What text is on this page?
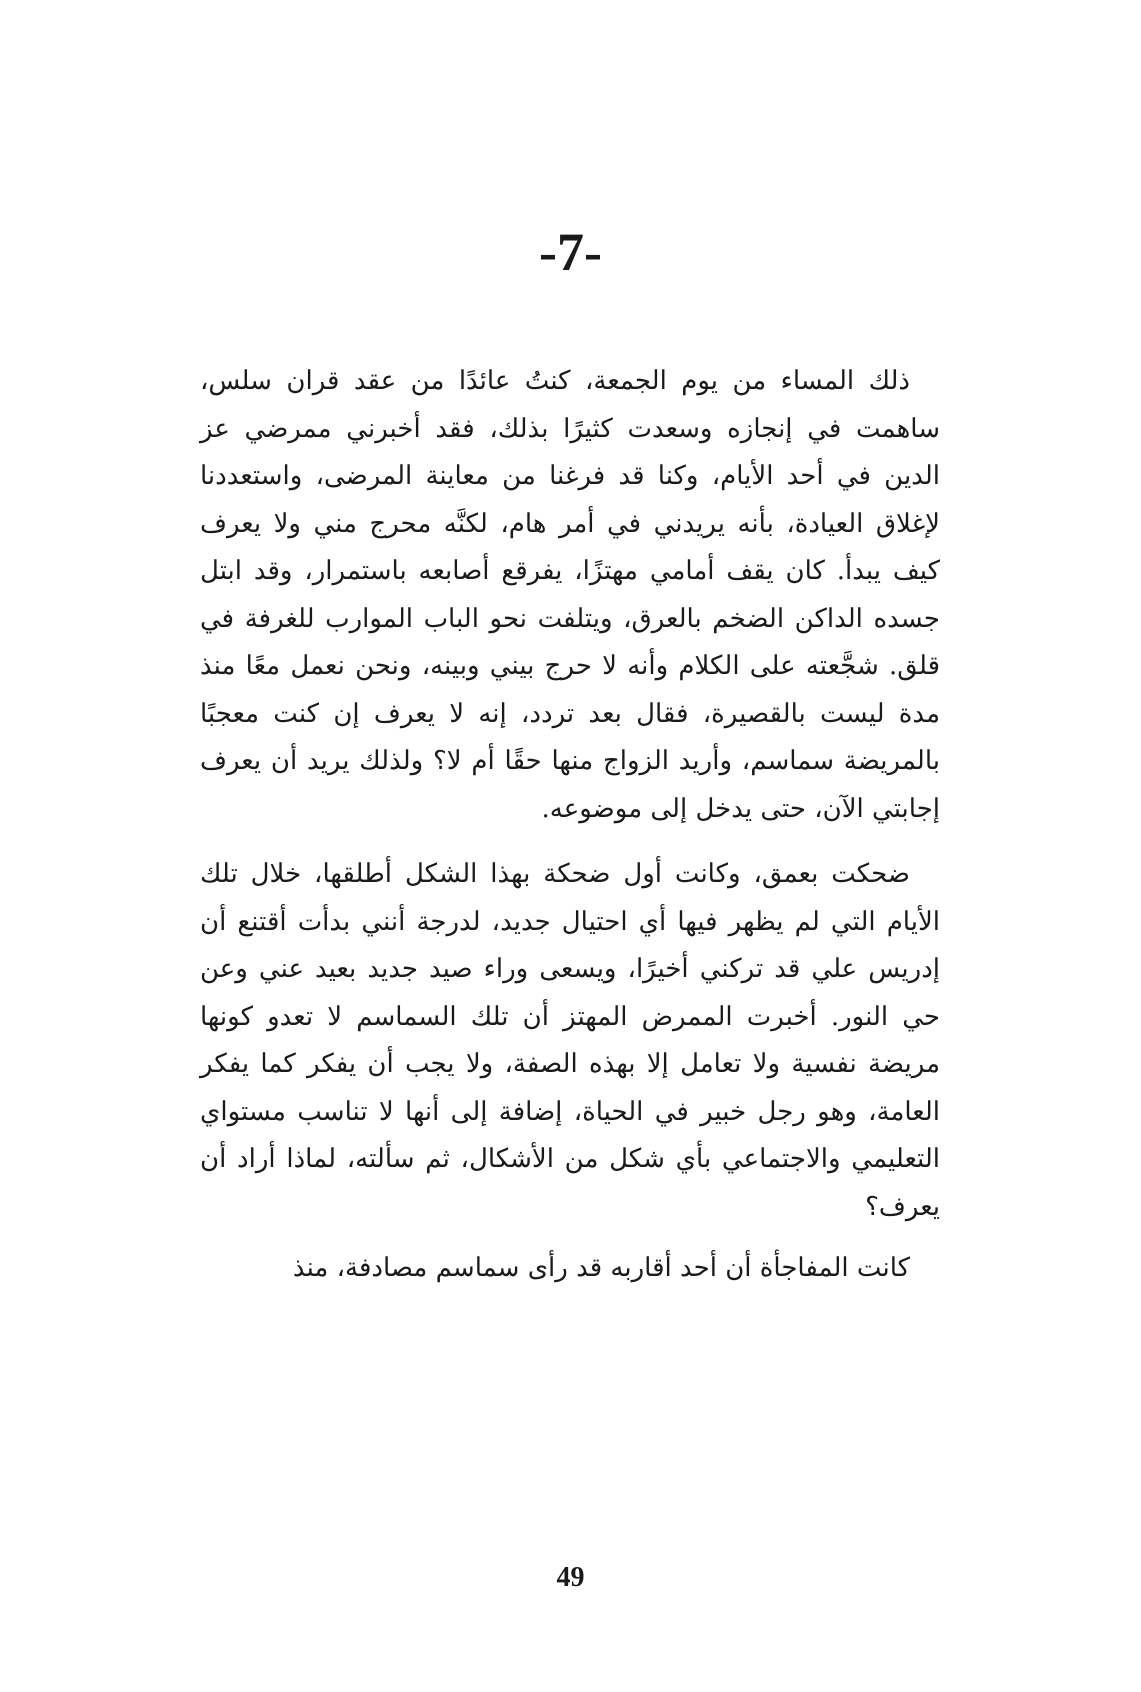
-7-

ذلك المساء من يوم الجمعة، كنتُ عائدًا من عقد قران سلس، ساهمت في إنجازه وسعدت كثيرًا بذلك، فقد أخبرني ممرضي عز الدين في أحد الأيام، وكنا قد فرغنا من معاينة المرضى، واستعددنا لإغلاق العيادة، بأنه يريدني في أمر هام، لكنَّه محرج مني ولا يعرف كيف يبدأ. كان يقف أمامي مهتزًا، يفرقع أصابعه باستمرار، وقد ابتل جسده الداكن الضخم بالعرق، ويتلفت نحو الباب الموارب للغرفة في قلق. شجَّعته على الكلام وأنه لا حرج بيني وبينه، ونحن نعمل معًا منذ مدة ليست بالقصيرة، فقال بعد تردد، إنه لا يعرف إن كنت معجبًا بالمريضة سماسم، وأريد الزواج منها حقًا أم لا؟ ولذلك يريد أن يعرف إجابتي الآن، حتى يدخل إلى موضوعه.

ضحكت بعمق، وكانت أول ضحكة بهذا الشكل أطلقها، خلال تلك الأيام التي لم يظهر فيها أي احتيال جديد، لدرجة أنني بدأت أقتنع أن إدريس علي قد تركني أخيرًا، ويسعى وراء صيد جديد بعيد عني وعن حي النور. أخبرت الممرض المهتز أن تلك السماسم لا تعدو كونها مريضة نفسية ولا تعامل إلا بهذه الصفة، ولا يجب أن يفكر كما يفكر العامة، وهو رجل خبير في الحياة، إضافة إلى أنها لا تناسب مستواي التعليمي والاجتماعي بأي شكل من الأشكال، ثم سألته، لماذا أراد أن يعرف؟

كانت المفاجأة أن أحد أقاربه قد رأى سماسم مصادفة، منذ

49
